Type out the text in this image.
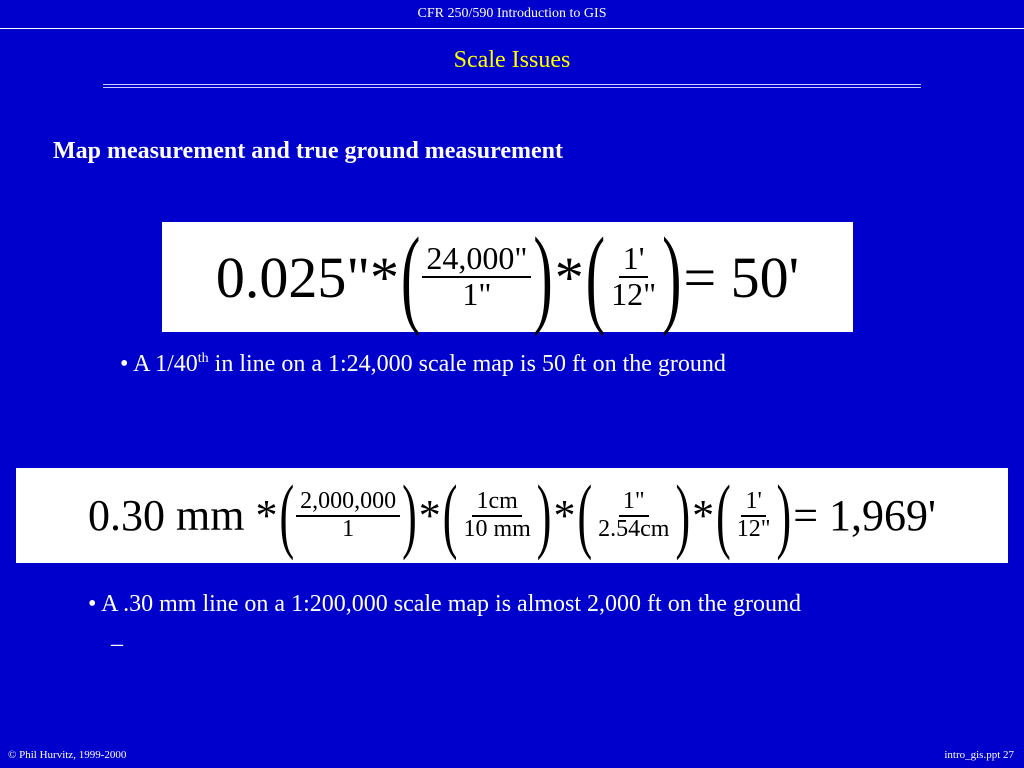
CFR 250/590 Introduction to GIS
Scale Issues
Map measurement and true ground measurement
0.025"* ( $\frac{24,000"}{1"}$ ) * ( $\frac{1'}{12"}$ ) = 50'
• A 1/40th in line on a 1:24,000 scale map is 50 ft on the ground
0.30 mm * ( $\frac{2,000,000}{1}$ ) * ( $\frac{1cm}{10 mm}$ ) * ( $\frac{1"}{2.54cm}$ ) * ( $\frac{1'}{12"}$ ) = 1,969'
• A .30 mm line on a 1:200,000 scale map is almost 2,000 ft on the ground
–
© Phil Hurvitz, 1999-2000	intro_gis.ppt 27
